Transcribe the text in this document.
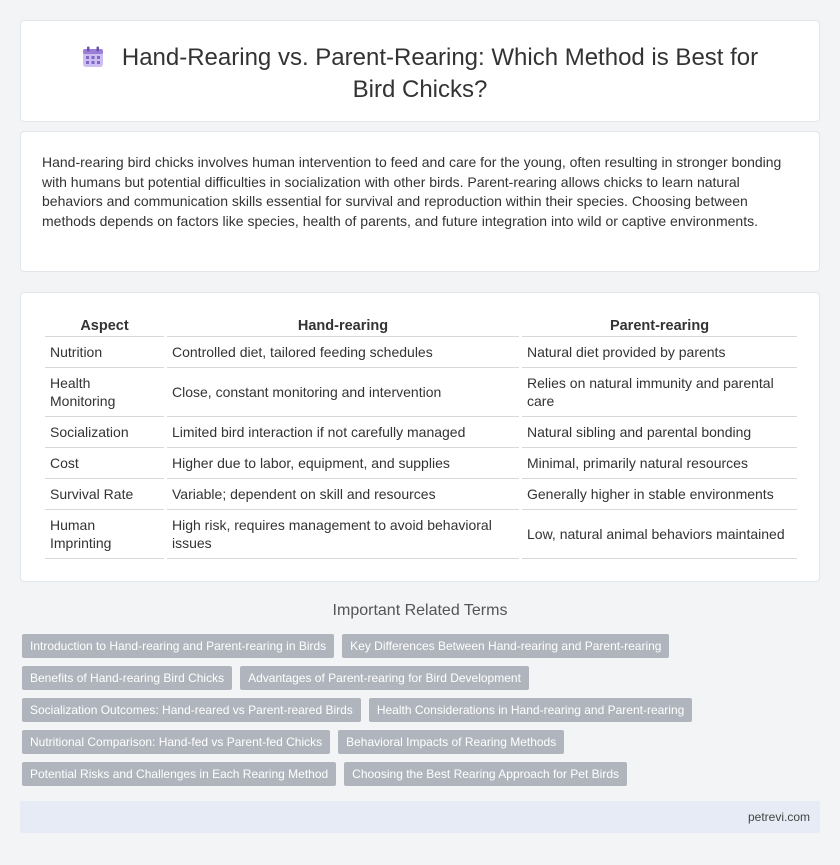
Hand-Rearing vs. Parent-Rearing: Which Method is Best for Bird Chicks?

Hand-rearing bird chicks involves human intervention to feed and care for the young, often resulting in stronger bonding with humans but potential difficulties in socialization with other birds. Parent-rearing allows chicks to learn natural behaviors and communication skills essential for survival and reproduction within their species. Choosing between methods depends on factors like species, health of parents, and future integration into wild or captive environments.

Aspect	Hand-rearing	Parent-rearing
Nutrition	Controlled diet, tailored feeding schedules	Natural diet provided by parents
Health Monitoring	Close, constant monitoring and intervention	Relies on natural immunity and parental care
Socialization	Limited bird interaction if not carefully managed	Natural sibling and parental bonding
Cost	Higher due to labor, equipment, and supplies	Minimal, primarily natural resources
Survival Rate	Variable; dependent on skill and resources	Generally higher in stable environments
Human Imprinting	High risk, requires management to avoid behavioral issues	Low, natural animal behaviors maintained
Important Related Terms
Introduction to Hand-rearing and Parent-rearing in Birds	Key Differences Between Hand-rearing and Parent-rearing
Benefits of Hand-rearing Bird Chicks	Advantages of Parent-rearing for Bird Development
Socialization Outcomes: Hand-reared vs Parent-reared Birds	Health Considerations in Hand-rearing and Parent-rearing
Nutritional Comparison: Hand-fed vs Parent-fed Chicks	Behavioral Impacts of Rearing Methods
Potential Risks and Challenges in Each Rearing Method	Choosing the Best Rearing Approach for Pet Birds
petrevi.com
